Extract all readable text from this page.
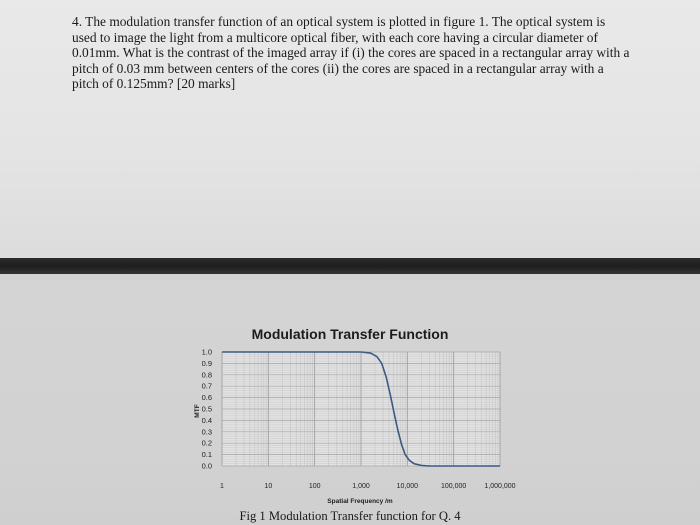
4. The modulation transfer function of an optical system is plotted in figure 1. The optical system is used to image the light from a multicore optical fiber, with each core having a circular diameter of 0.01mm. What is the contrast of the imaged array if (i) the cores are spaced in a rectangular array with a pitch of 0.03 mm between centers of the cores (ii) the cores are spaced in a rectangular array with a pitch of 0.125mm? [20 marks]
Modulation Transfer Function
1.0
0.9
0.8
0.7
0.6
0.5
0.4
0.3
0.2
0.1
0.0
1	10	100	1,000	10,000	100,000	1,000,000
Spatial Frequency /m
MTF
Fig 1 Modulation Transfer function for Q. 4
